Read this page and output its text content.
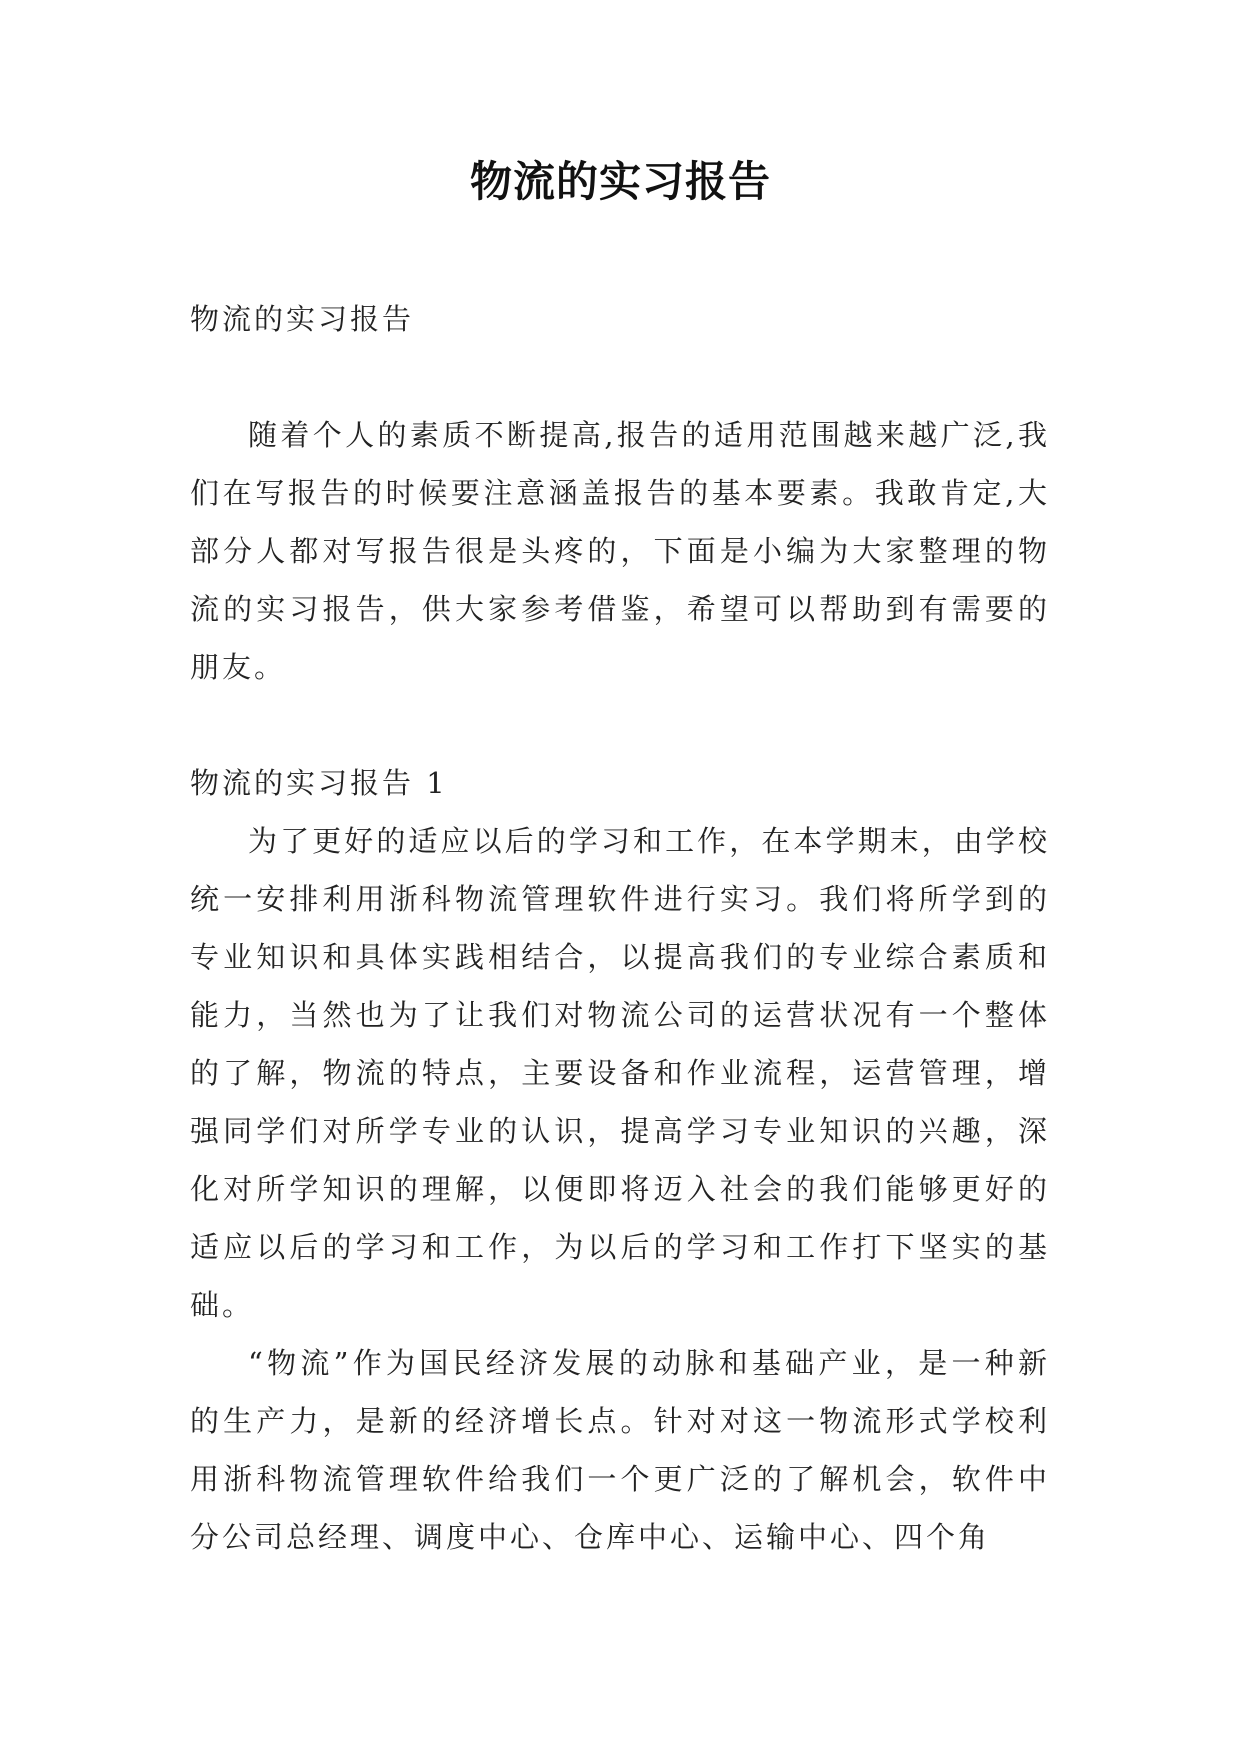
物流的实习报告

物流的实习报告

随着个人的素质不断提高,报告的适用范围越来越广泛,我们在写报告的时候要注意涵盖报告的基本要素。我敢肯定,大部分人都对写报告很是头疼的，下面是小编为大家整理的物流的实习报告，供大家参考借鉴，希望可以帮助到有需要的朋友。

物流的实习报告 1

为了更好的适应以后的学习和工作，在本学期末，由学校统一安排利用浙科物流管理软件进行实习。我们将所学到的专业知识和具体实践相结合，以提高我们的专业综合素质和能力，当然也为了让我们对物流公司的运营状况有一个整体的了解，物流的特点，主要设备和作业流程，运营管理，增强同学们对所学专业的认识，提高学习专业知识的兴趣，深化对所学知识的理解，以便即将迈入社会的我们能够更好的适应以后的学习和工作，为以后的学习和工作打下坚实的基础。

“物流”作为国民经济发展的动脉和基础产业，是一种新的生产力，是新的经济增长点。针对对这一物流形式学校利用浙科物流管理软件给我们一个更广泛的了解机会，软件中分公司总经理、调度中心、仓库中心、运输中心、四个角
